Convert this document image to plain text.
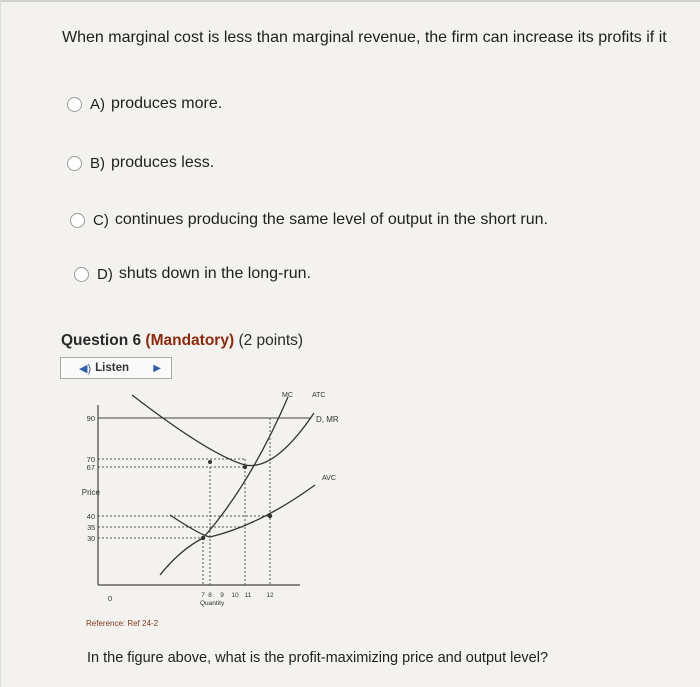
When marginal cost is less than marginal revenue, the firm can increase its profits if it
A) produces more.
B) produces less.
C) continues producing the same level of output in the short run.
D) shuts down in the long-run.
Question 6 (Mandatory) (2 points)
◀) Listen ▶
90
70
67
Price
40
35
30
0	7 8 9 10 11 12
Quantity
MC	ATC
D, MR
AVC
Reference: Ref 24-2
In the figure above, what is the profit-maximizing price and output level?
